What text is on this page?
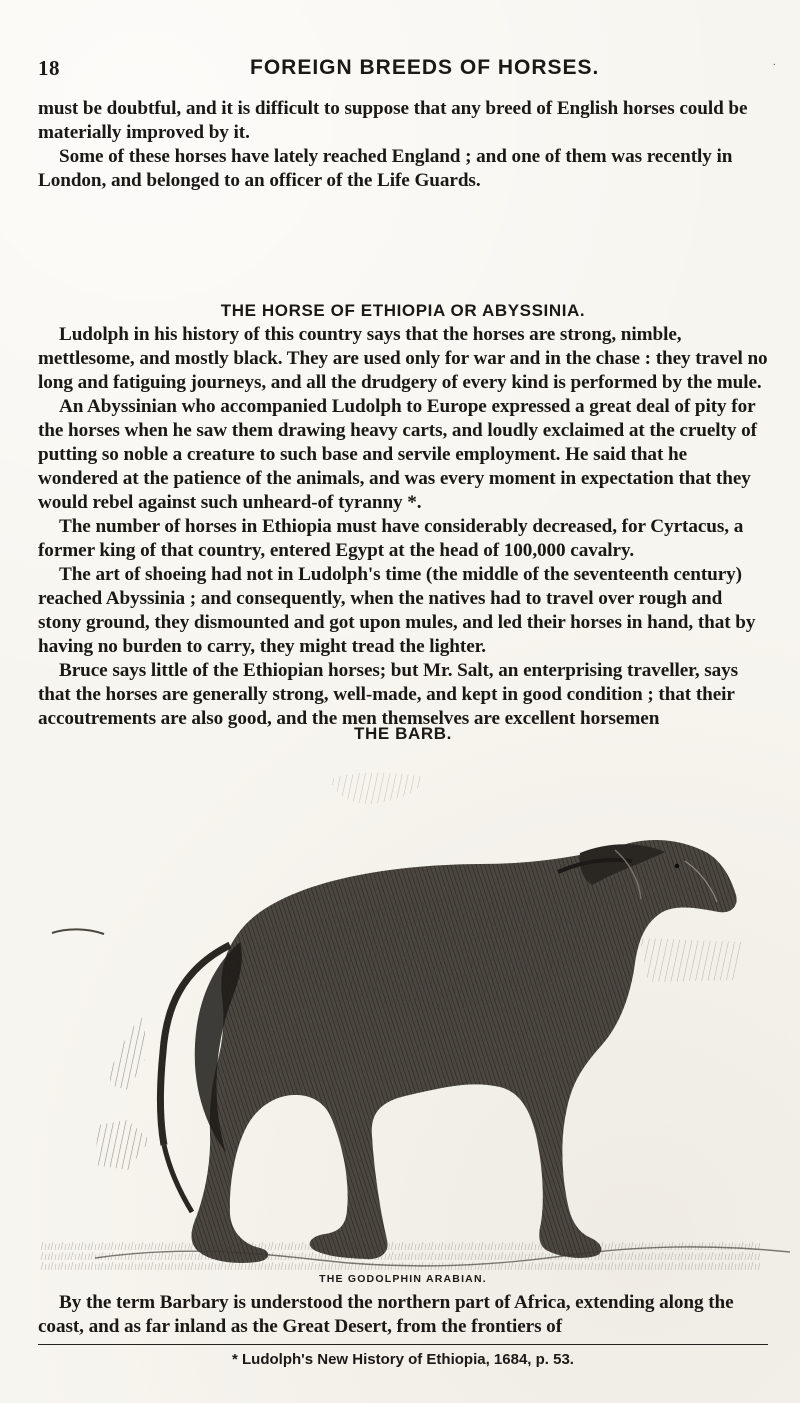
18	FOREIGN BREEDS OF HORSES.	·

must be doubtful, and it is difficult to suppose that any breed of English horses could be materially improved by it.

Some of these horses have lately reached England ; and one of them was recently in London, and belonged to an officer of the Life Guards.

THE HORSE OF ETHIOPIA OR ABYSSINIA.

Ludolph in his history of this country says that the horses are strong, nimble, mettlesome, and mostly black. They are used only for war and in the chase : they travel no long and fatiguing journeys, and all the drudgery of every kind is performed by the mule.

An Abyssinian who accompanied Ludolph to Europe expressed a great deal of pity for the horses when he saw them drawing heavy carts, and loudly exclaimed at the cruelty of putting so noble a creature to such base and servile employment. He said that he wondered at the patience of the animals, and was every moment in expectation that they would rebel against such unheard-of tyranny *.

The number of horses in Ethiopia must have considerably decreased, for Cyrtacus, a former king of that country, entered Egypt at the head of 100,000 cavalry.

The art of shoeing had not in Ludolph's time (the middle of the seventeenth century) reached Abyssinia ; and consequently, when the natives had to travel over rough and stony ground, they dismounted and got upon mules, and led their horses in hand, that by having no burden to carry, they might tread the lighter.

Bruce says little of the Ethiopian horses; but Mr. Salt, an enterprising traveller, says that the horses are generally strong, well-made, and kept in good condition ; that their accoutrements are also good, and the men themselves are excellent horsemen

THE BARB.
THE GODOLPHIN ARABIAN.

By the term Barbary is understood the northern part of Africa, extending along the coast, and as far inland as the Great Desert, from the frontiers of

* Ludolph's New History of Ethiopia, 1684, p. 53.
